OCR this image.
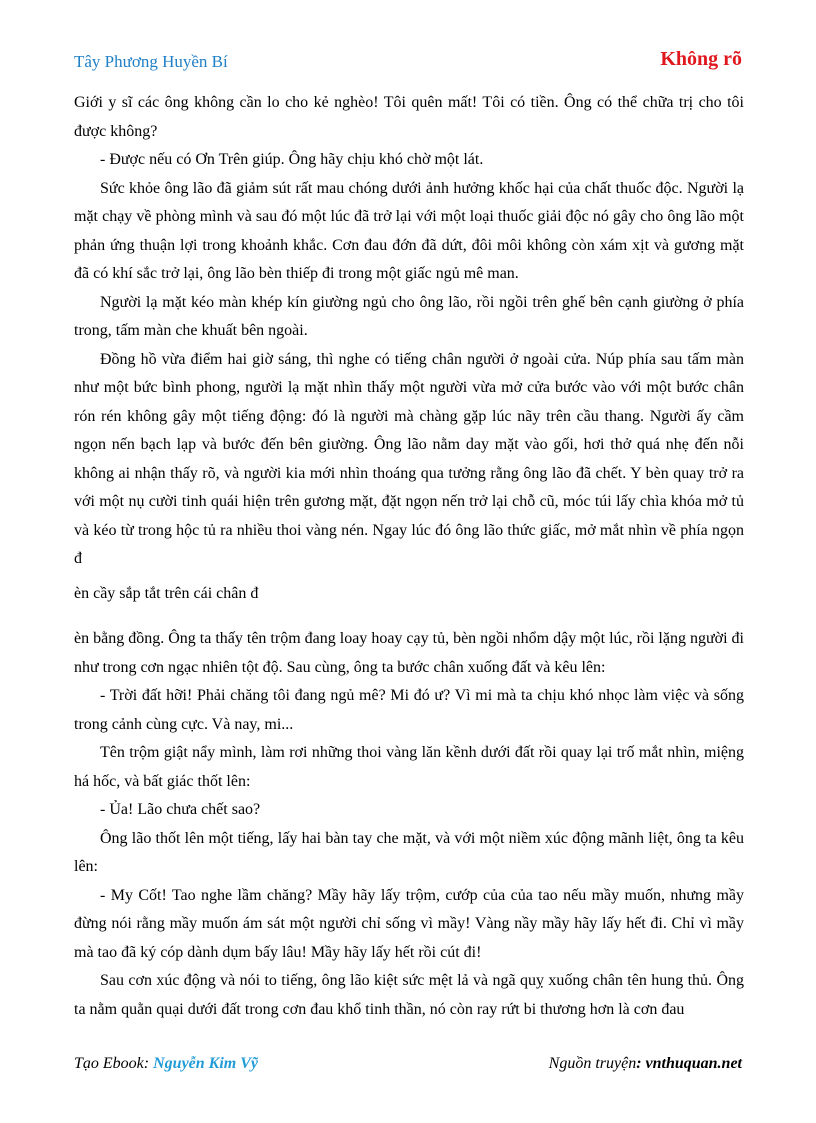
Tây Phương Huyền Bí	Không rõ

Giới y sĩ các ông không cần lo cho kẻ nghèo! Tôi quên mất! Tôi có tiền. Ông có thể chữa trị cho tôi được không?

- Được nếu có Ơn Trên giúp. Ông hãy chịu khó chờ một lát.

Sức khỏe ông lão đã giảm sút rất mau chóng dưới ảnh hưởng khốc hại của chất thuốc độc. Người lạ mặt chạy về phòng mình và sau đó một lúc đã trở lại với một loại thuốc giải độc nó gây cho ông lão một phản ứng thuận lợi trong khoảnh khắc. Cơn đau đớn đã dứt, đôi môi không còn xám xịt và gương mặt đã có khí sắc trở lại, ông lão bèn thiếp đi trong một giấc ngủ mê man.

Người lạ mặt kéo màn khép kín giường ngủ cho ông lão, rồi ngồi trên ghế bên cạnh giường ở phía trong, tấm màn che khuất bên ngoài.

Đồng hồ vừa điểm hai giờ sáng, thì nghe có tiếng chân người ở ngoài cửa. Núp phía sau tấm màn như một bức bình phong, người lạ mặt nhìn thấy một người vừa mở cửa bước vào với một bước chân rón rén không gây một tiếng động: đó là người mà chàng gặp lúc nãy trên cầu thang. Người ấy cầm ngọn nến bạch lạp và bước đến bên giường. Ông lão nằm day mặt vào gối, hơi thở quá nhẹ đến nỗi không ai nhận thấy rõ, và người kia mới nhìn thoáng qua tưởng rằng ông lão đã chết. Y bèn quay trở ra với một nụ cười tinh quái hiện trên gương mặt, đặt ngọn nến trở lại chỗ cũ, móc túi lấy chìa khóa mở tủ và kéo từ trong hộc tủ ra nhiều thoi vàng nén. Ngay lúc đó ông lão thức giấc, mở mắt nhìn về phía ngọn đ

èn cầy sắp tắt trên cái chân đ

èn bằng đồng. Ông ta thấy tên trộm đang loay hoay cạy tủ, bèn ngồi nhổm dậy một lúc, rồi lặng người đi như trong cơn ngạc nhiên tột độ. Sau cùng, ông ta bước chân xuống đất và kêu lên:

- Trời đất hỡi! Phải chăng tôi đang ngủ mê? Mi đó ư? Vì mi mà ta chịu khó nhọc làm việc và sống trong cảnh cùng cực. Và nay, mi...

Tên trộm giật nẩy mình, làm rơi những thoi vàng lăn kềnh dưới đất rồi quay lại trố mắt nhìn, miệng há hốc, và bất giác thốt lên:

- Ủa! Lão chưa chết sao?

Ông lão thốt lên một tiếng, lấy hai bàn tay che mặt, và với một niềm xúc động mãnh liệt, ông ta kêu lên:

- My Cốt! Tao nghe lầm chăng? Mầy hãy lấy trộm, cướp của của tao nếu mầy muốn, nhưng mầy đừng nói rằng mầy muốn ám sát một người chỉ sống vì mầy! Vàng nầy mầy hãy lấy hết đi. Chỉ vì mầy mà tao đã ký cóp dành dụm bấy lâu! Mầy hãy lấy hết rồi cút đi!

Sau cơn xúc động và nói to tiếng, ông lão kiệt sức mệt lả và ngã quỵ xuống chân tên hung thủ. Ông ta nằm quằn quại dưới đất trong cơn đau khổ tinh thần, nó còn ray rứt bi thương hơn là cơn đau

Tạo Ebook: Nguyễn Kim Vỹ	Nguồn truyện: vnthuquan.net
